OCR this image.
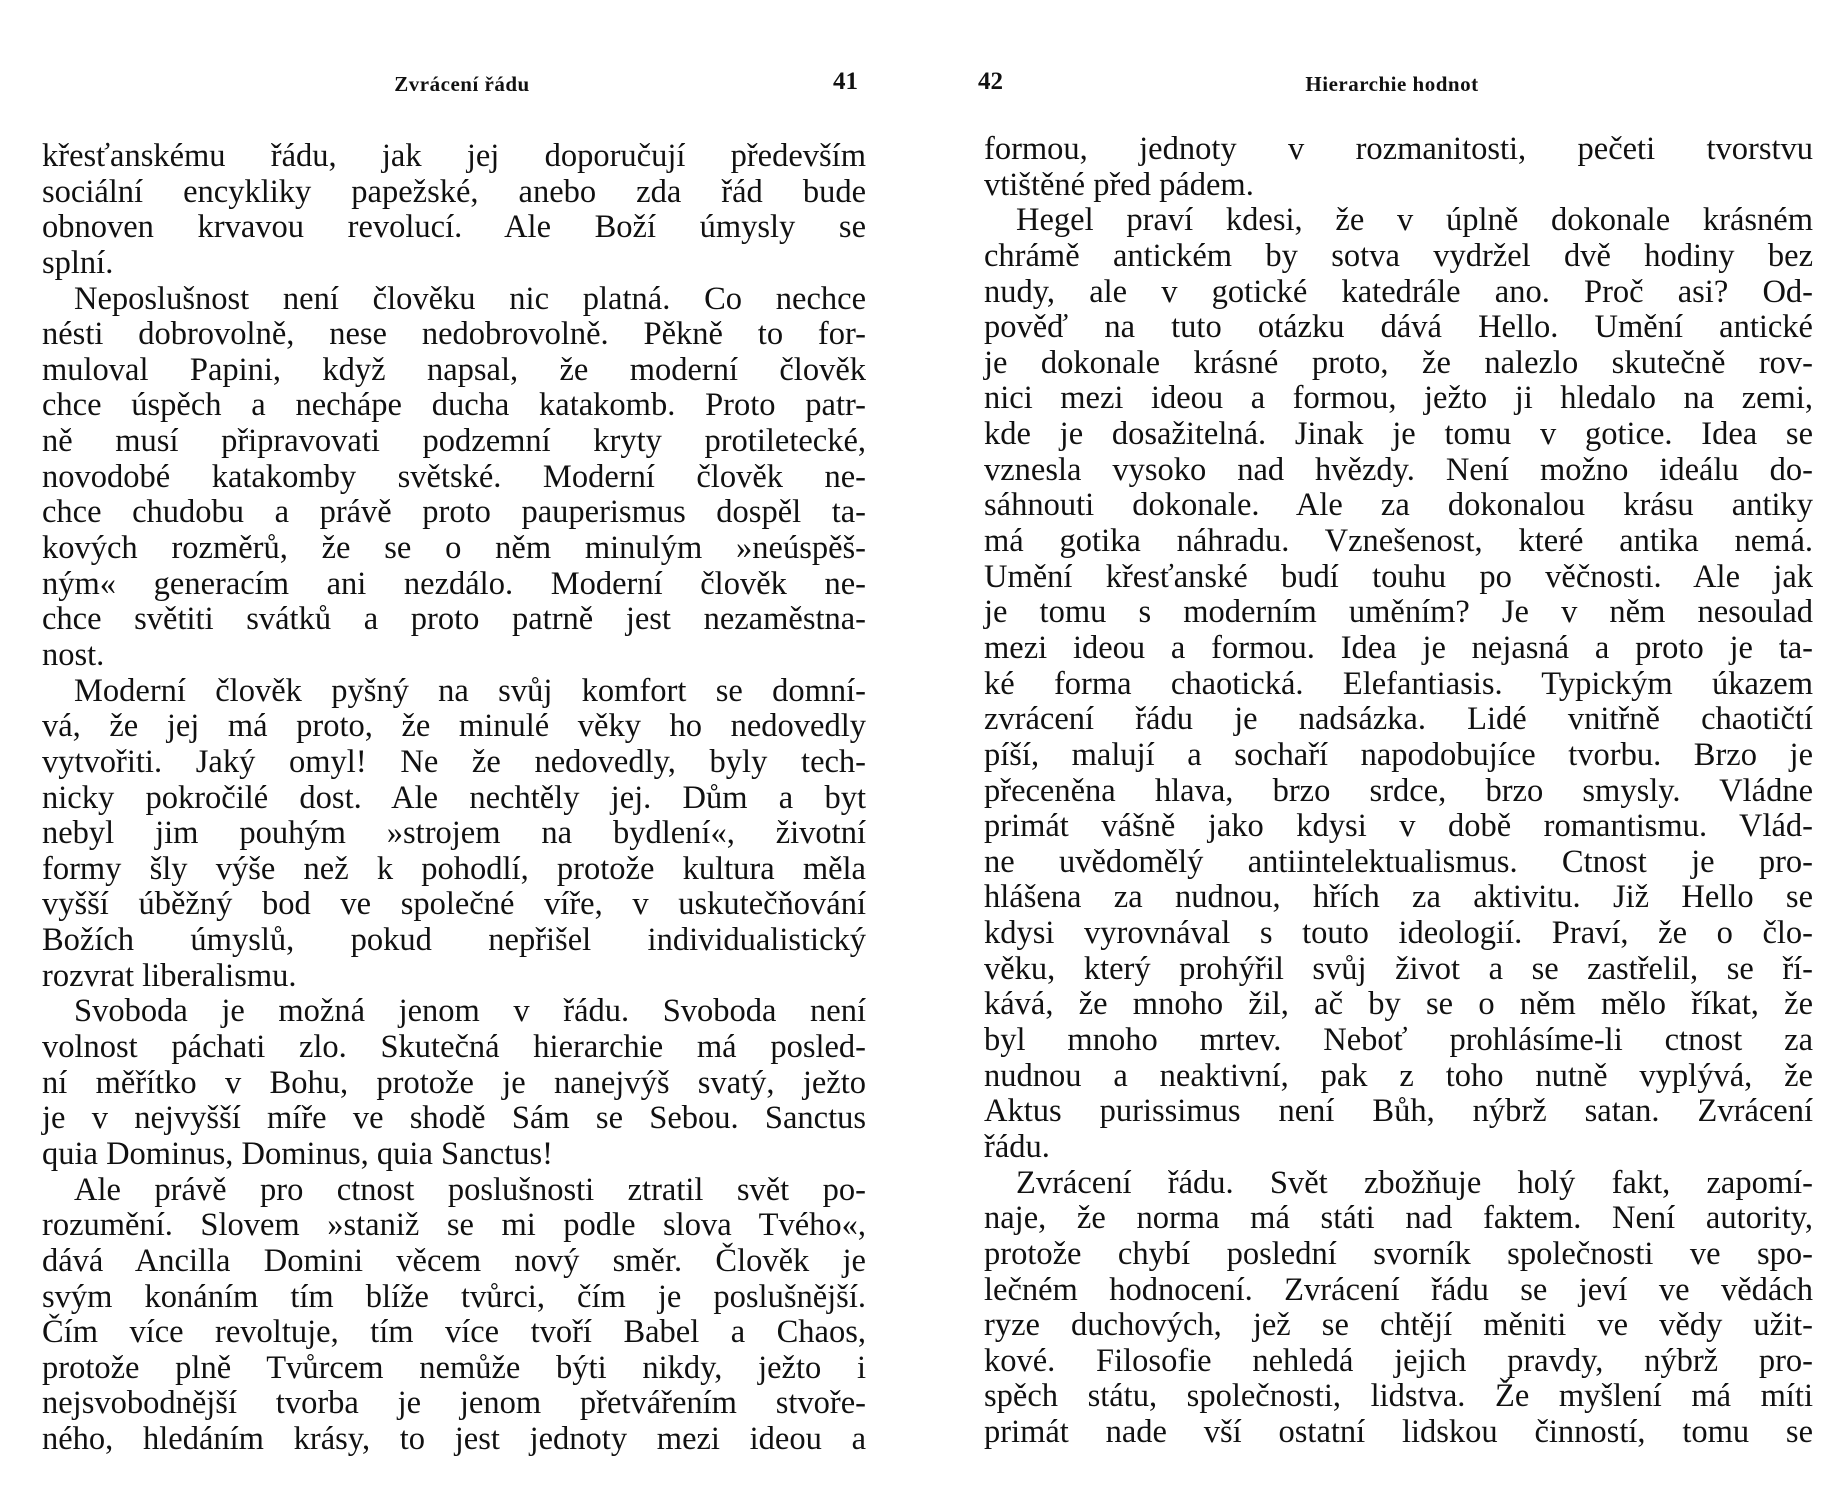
Zvrácení řádu	41
křesťanskému řádu, jak jej doporučují především
sociální encykliky papežské, anebo zda řád bude
obnoven krvavou revolucí. Ale Boží úmysly se
splní.
Neposlušnost není člověku nic platná. Co nechce
nésti dobrovolně, nese nedobrovolně. Pěkně to for-
muloval Papini, když napsal, že moderní člověk
chce úspěch a nechápe ducha katakomb. Proto patr-
ně musí připravovati podzemní kryty protiletecké,
novodobé katakomby světské. Moderní člověk ne-
chce chudobu a právě proto pauperismus dospěl ta-
kových rozměrů, že se o něm minulým »neúspěš-
ným« generacím ani nezdálo. Moderní člověk ne-
chce světiti svátků a proto patrně jest nezaměstna-
nost.
Moderní člověk pyšný na svůj komfort se domní-
vá, že jej má proto, že minulé věky ho nedovedly
vytvořiti. Jaký omyl! Ne že nedovedly, byly tech-
nicky pokročilé dost. Ale nechtěly jej. Dům a byt
nebyl jim pouhým »strojem na bydlení«, životní
formy šly výše než k pohodlí, protože kultura měla
vyšší úběžný bod ve společné víře, v uskutečňování
Božích úmyslů, pokud nepřišel individualistický
rozvrat liberalismu.
Svoboda je možná jenom v řádu. Svoboda není
volnost páchati zlo. Skutečná hierarchie má posled-
ní měřítko v Bohu, protože je nanejvýš svatý, ježto
je v nejvyšší míře ve shodě Sám se Sebou. Sanctus
quia Dominus, Dominus, quia Sanctus!
Ale právě pro ctnost poslušnosti ztratil svět po-
rozumění. Slovem »staniž se mi podle slova Tvého«,
dává Ancilla Domini věcem nový směr. Člověk je
svým konáním tím blíže tvůrci, čím je poslušnější.
Čím více revoltuje, tím více tvoří Babel a Chaos,
protože plně Tvůrcem nemůže býti nikdy, ježto i
nejsvobodnější tvorba je jenom přetvářením stvoře-
ného, hledáním krásy, to jest jednoty mezi ideou a
42	Hierarchie hodnot
formou, jednoty v rozmanitosti, pečeti tvorstvu
vtištěné před pádem.
Hegel praví kdesi, že v úplně dokonale krásném
chrámě antickém by sotva vydržel dvě hodiny bez
nudy, ale v gotické katedrále ano. Proč asi? Od-
pověď na tuto otázku dává Hello. Umění antické
je dokonale krásné proto, že nalezlo skutečně rov-
nici mezi ideou a formou, ježto ji hledalo na zemi,
kde je dosažitelná. Jinak je tomu v gotice. Idea se
vznesla vysoko nad hvězdy. Není možno ideálu do-
sáhnouti dokonale. Ale za dokonalou krásu antiky
má gotika náhradu. Vznešenost, které antika nemá.
Umění křesťanské budí touhu po věčnosti. Ale jak
je tomu s moderním uměním? Je v něm nesoulad
mezi ideou a formou. Idea je nejasná a proto je ta-
ké forma chaotická. Elefantiasis. Typickým úkazem
zvrácení řádu je nadsázka. Lidé vnitřně chaotičtí
píší, malují a sochaří napodobujíce tvorbu. Brzo je
přeceněna hlava, brzo srdce, brzo smysly. Vládne
primát vášně jako kdysi v době romantismu. Vlád-
ne uvědomělý antiintelektualismus. Ctnost je pro-
hlášena za nudnou, hřích za aktivitu. Již Hello se
kdysi vyrovnával s touto ideologií. Praví, že o člo-
věku, který prohýřil svůj život a se zastřelil, se ří-
kává, že mnoho žil, ač by se o něm mělo říkat, že
byl mnoho mrtev. Neboť prohlásíme-li ctnost za
nudnou a neaktivní, pak z toho nutně vyplývá, že
Aktus purissimus není Bůh, nýbrž satan. Zvrácení
řádu.
Zvrácení řádu. Svět zbožňuje holý fakt, zapomí-
naje, že norma má státi nad faktem. Není autority,
protože chybí poslední svorník společnosti ve spo-
lečném hodnocení. Zvrácení řádu se jeví ve vědách
ryze duchových, jež se chtějí měniti ve vědy užit-
kové. Filosofie nehledá jejich pravdy, nýbrž pro-
spěch státu, společnosti, lidstva. Že myšlení má míti
primát nade vší ostatní lidskou činností, tomu se
